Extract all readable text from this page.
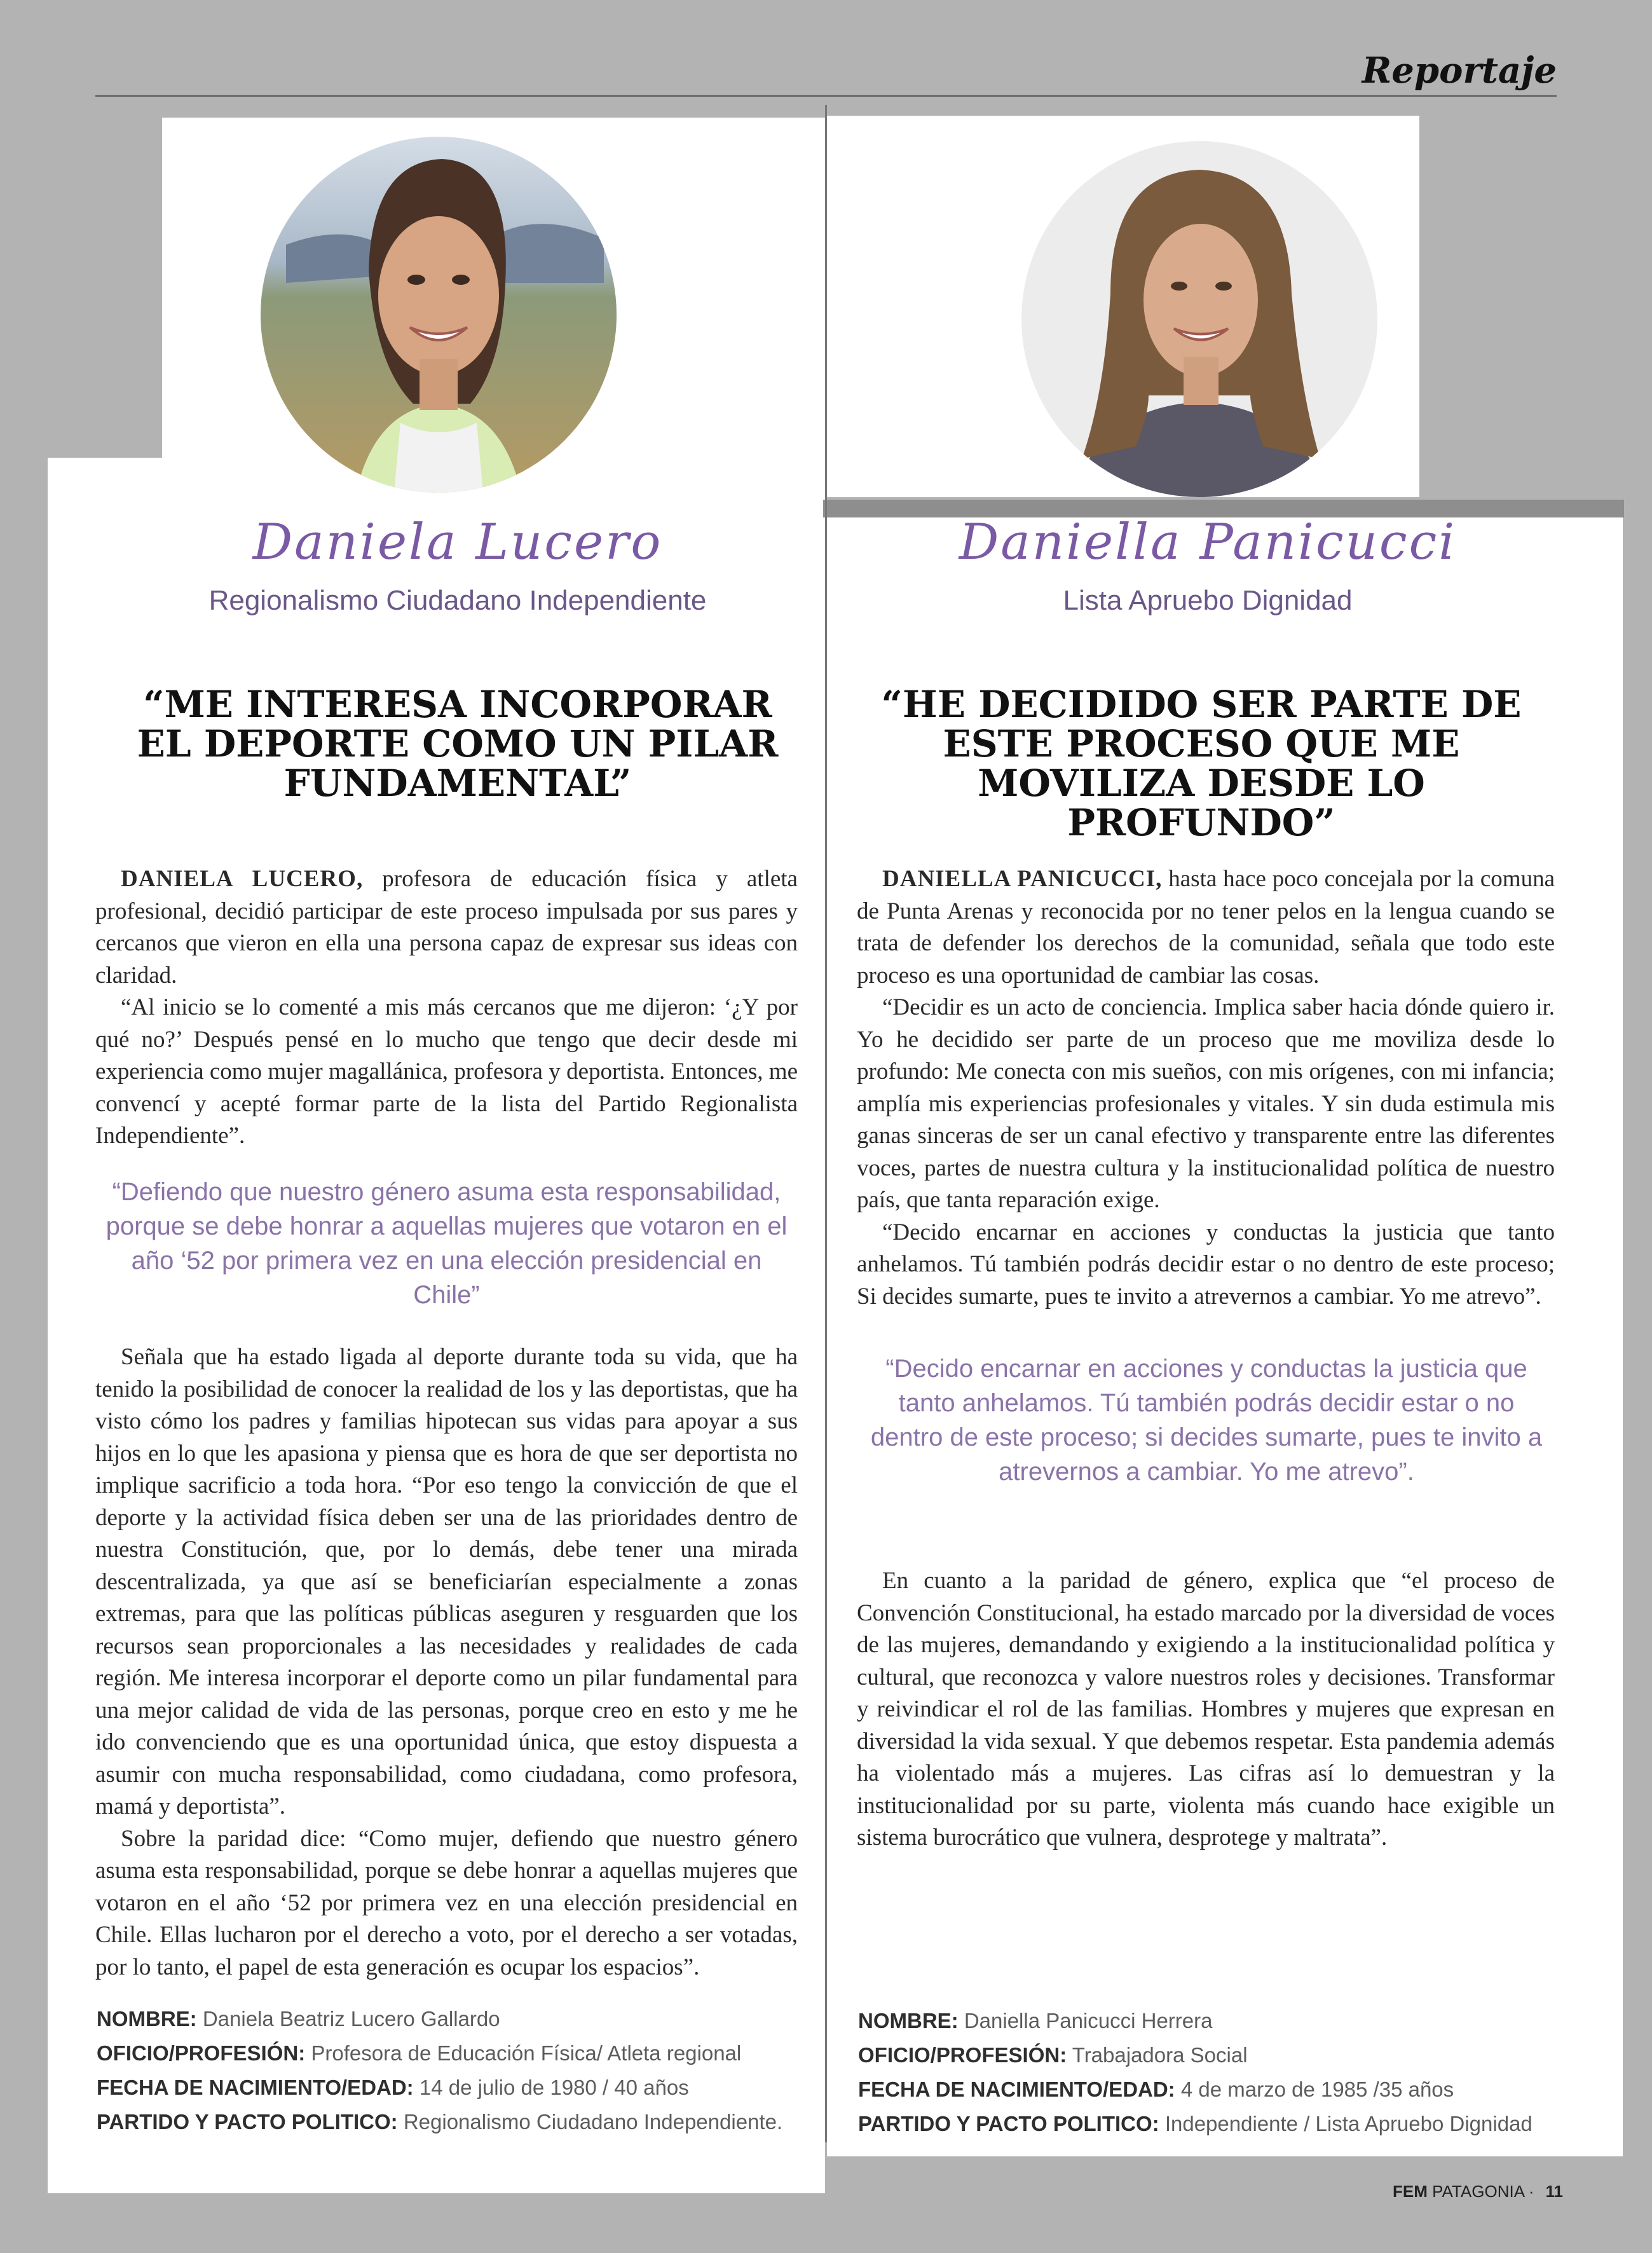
Reportaje
Daniela Lucero
Regionalismo Ciudadano Independiente
“ME INTERESA INCORPORAR EL DEPORTE COMO UN PILAR FUNDAMENTAL”

DANIELA LUCERO, profesora de educación física y atleta profesional, decidió participar de este proceso impulsada por sus pares y cercanos que vieron en ella una persona capaz de expresar sus ideas con claridad.

“Al inicio se lo comenté a mis más cercanos que me dijeron: ‘¿Y por qué no?’ Después pensé en lo mucho que tengo que decir desde mi experiencia como mujer magallánica, profesora y deportista. Entonces, me convencí y acepté formar parte de la lista del Partido Regionalista Independiente”.

“Defiendo que nuestro género asuma esta responsabilidad, porque se debe honrar a aquellas mujeres que votaron en el año ‘52 por primera vez en una elección presidencial en Chile”

Señala que ha estado ligada al deporte durante toda su vida, que ha tenido la posibilidad de conocer la realidad de los y las deportistas, que ha visto cómo los padres y familias hipotecan sus vidas para apoyar a sus hijos en lo que les apasiona y piensa que es hora de que ser deportista no implique sacrificio a toda hora. “Por eso tengo la convicción de que el deporte y la actividad física deben ser una de las prioridades dentro de nuestra Constitución, que, por lo demás, debe tener una mirada descentralizada, ya que así se beneficiarían especialmente a zonas extremas, para que las políticas públicas aseguren y resguarden que los recursos sean proporcionales a las necesidades y realidades de cada región. Me interesa incorporar el deporte como un pilar fundamental para una mejor calidad de vida de las personas, porque creo en esto y me he ido convenciendo que es una oportunidad única, que estoy dispuesta a asumir con mucha responsabilidad, como ciudadana, como profesora, mamá y deportista”.

Sobre la paridad dice: “Como mujer, defiendo que nuestro género asuma esta responsabilidad, porque se debe honrar a aquellas mujeres que votaron en el año ‘52 por primera vez en una elección presidencial en Chile. Ellas lucharon por el derecho a voto, por el derecho a ser votadas, por lo tanto, el papel de esta generación es ocupar los espacios”.

NOMBRE: Daniela Beatriz Lucero Gallardo
OFICIO/PROFESIÓN: Profesora de Educación Física/ Atleta regional
FECHA DE NACIMIENTO/EDAD: 14 de julio de 1980 / 40 años
PARTIDO Y PACTO POLITICO: Regionalismo Ciudadano Independiente.
Daniella Panicucci
Lista Apruebo Dignidad
“HE DECIDIDO SER PARTE DE ESTE PROCESO QUE ME MOVILIZA DESDE LO PROFUNDO”

DANIELLA PANICUCCI, hasta hace poco concejala por la comuna de Punta Arenas y reconocida por no tener pelos en la lengua cuando se trata de defender los derechos de la comunidad, señala que todo este proceso es una oportunidad de cambiar las cosas.

“Decidir es un acto de conciencia. Implica saber hacia dónde quiero ir. Yo he decidido ser parte de un proceso que me moviliza desde lo profundo: Me conecta con mis sueños, con mis orígenes, con mi infancia; amplía mis experiencias profesionales y vitales. Y sin duda estimula mis ganas sinceras de ser un canal efectivo y transparente entre las diferentes voces, partes de nuestra cultura y la institucionalidad política de nuestro país, que tanta reparación exige.

“Decido encarnar en acciones y conductas la justicia que tanto anhelamos. Tú también podrás decidir estar o no dentro de este proceso; Si decides sumarte, pues te invito a atrevernos a cambiar. Yo me atrevo”.

“Decido encarnar en acciones y conductas la justicia que tanto anhelamos. Tú también podrás decidir estar o no dentro de este proceso; si decides sumarte, pues te invito a atrevernos a cambiar. Yo me atrevo”.

En cuanto a la paridad de género, explica que “el proceso de Convención Constitucional, ha estado marcado por la diversidad de voces de las mujeres, demandando y exigiendo a la institucionalidad política y cultural, que reconozca y valore nuestros roles y decisiones. Transformar y reivindicar el rol de las familias. Hombres y mujeres que expresan en diversidad la vida sexual. Y que debemos respetar. Esta pandemia además ha violentado más a mujeres. Las cifras así lo demuestran y la institucionalidad por su parte, violenta más cuando hace exigible un sistema burocrático que vulnera, desprotege y maltrata”.

NOMBRE: Daniella Panicucci Herrera
OFICIO/PROFESIÓN: Trabajadora Social
FECHA DE NACIMIENTO/EDAD: 4 de marzo de 1985 /35 años
PARTIDO Y PACTO POLITICO: Independiente / Lista Apruebo Dignidad
FEM PATAGONIA · 11
